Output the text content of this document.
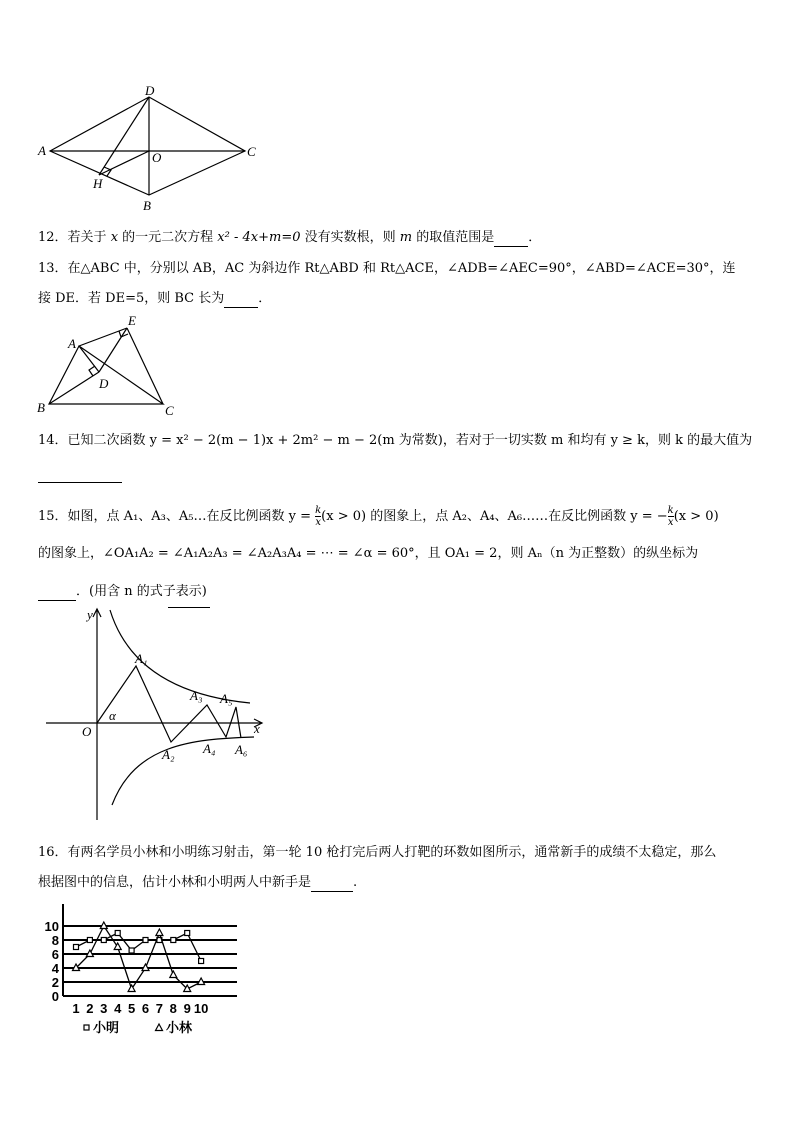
D
A	C
O
H
B
12．若关于 x 的一元二次方程 x² - 4x+m=0 没有实数根，则 m 的取值范围是	．
13．在△ABC 中，分别以 AB，AC 为斜边作 Rt△ABD 和 Rt△ACE，∠ADB=∠AEC=90°，∠ABD=∠ACE=30°，连
接 DE．若 DE=5，则 BC 长为	．
E
A
D
B	C
14．已知二次函数 y = x² − 2(m − 1)x + 2m² − m − 2(m 为常数)，若对于一切实数 m 和均有 y ≥ k，则 k 的最大值为
15．如图，点 A₁、A₃、A₅…在反比例函数 $y = \frac{k}{x} (x > 0)$ 的图象上，点 A₂、A₄、A₆……在反比例函数 y = − $\frac{k}{x} (x > 0)$
的图象上，∠OA₁A₂ = ∠A₁A₂A₃ = ∠A₂A₃A₄ = ⋯ = ∠α = 60°，且 OA₁ = 2，则 Aₙ（n 为正整数）的纵坐标为
．(用含 n 的式子表示)
y
x
O
α
A₁
A₂
A₃
A₄
A₅
A₆
16．有两名学员小林和小明练习射击，第一轮 10 枪打完后两人打靶的环数如图所示，通常新手的成绩不太稳定，那么
根据图中的信息，估计小林和小明两人中新手是	.
0
2
4
6
8
10
1 2 3 4 5 6 7 8 9 10
小明	小林
